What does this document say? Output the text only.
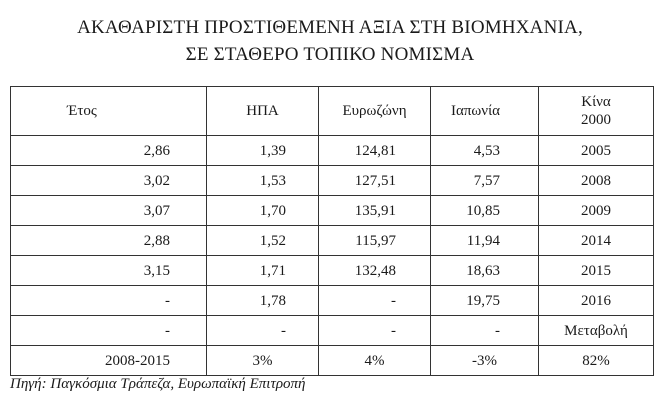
ΑΚΑΘΑΡΙΣΤΗ ΠΡΟΣΤΙΘΕΜΕΝΗ ΑΞΙΑ ΣΤΗ ΒΙΟΜΗΧΑΝΙΑ,
ΣΕ ΣΤΑΘΕΡΟ ΤΟΠΙΚΟ ΝΟΜΙΣΜΑ
Έτος	ΗΠΑ	Ευρωζώνη	Ιαπωνία	Κίνα
2000

2,86	1,39	124,81	4,53	2005
3,02	1,53	127,51	7,57	2008
3,07	1,70	135,91	10,85	2009
2,88	1,52	115,97	11,94	2014
3,15	1,71	132,48	18,63	2015
-	1,78	-	19,75	2016
-	-	-	-	Μεταβολή
2008-2015	3%	4%	-3%	82%
Πηγή: Παγκόσμια Τράπεζα, Ευρωπαϊκή Επιτροπή
